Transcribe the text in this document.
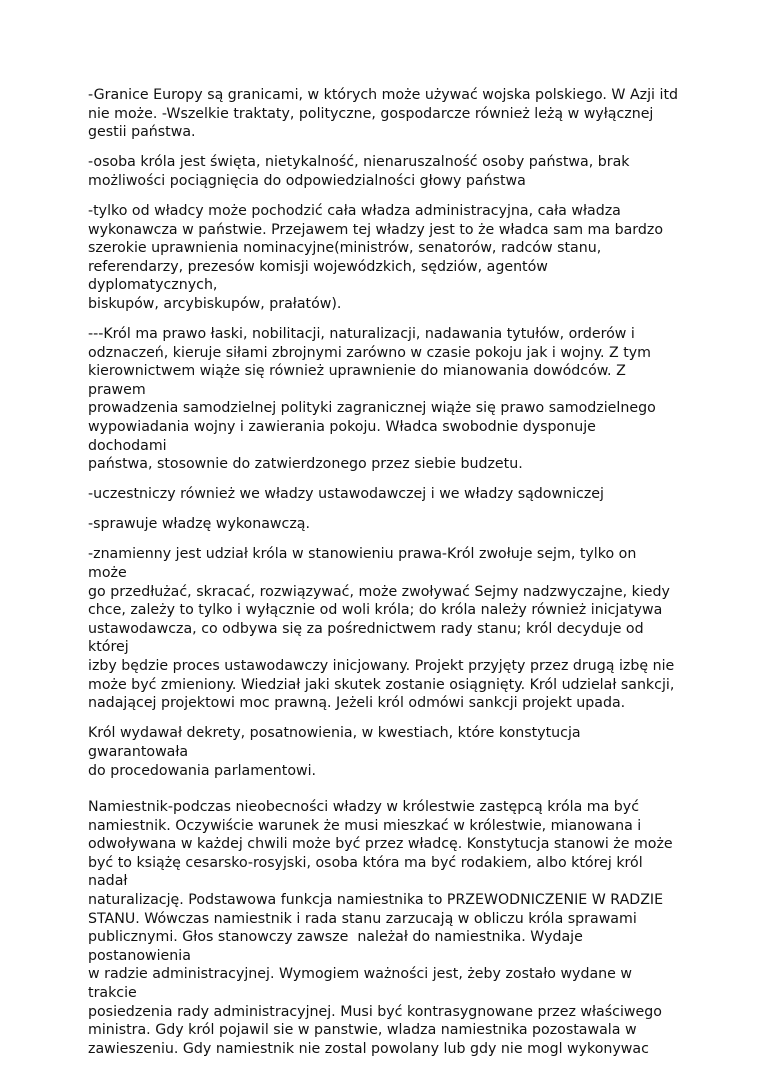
-Granice Europy są granicami, w których może używać wojska polskiego. W Azji itd
nie może. -Wszelkie traktaty, polityczne, gospodarcze również leżą w wyłącznej
gestii państwa.

-osoba króla jest święta, nietykalność, nienaruszalność osoby państwa, brak
możliwości pociągnięcia do odpowiedzialności głowy państwa

-tylko od władcy może pochodzić cała władza administracyjna, cała władza
wykonawcza w państwie. Przejawem tej władzy jest to że władca sam ma bardzo
szerokie uprawnienia nominacyjne(ministrów, senatorów, radców stanu,
referendarzy, prezesów komisji wojewódzkich, sędziów, agentów dyplomatycznych,
biskupów, arcybiskupów, prałatów).

---Król ma prawo łaski, nobilitacji, naturalizacji, nadawania tytułów, orderów i
odznaczeń, kieruje siłami zbrojnymi zarówno w czasie pokoju jak i wojny. Z tym
kierownictwem wiąże się również uprawnienie do mianowania dowódców. Z prawem
prowadzenia samodzielnej polityki zagranicznej wiąże się prawo samodzielnego
wypowiadania wojny i zawierania pokoju. Władca swobodnie dysponuje dochodami
państwa, stosownie do zatwierdzonego przez siebie budzetu.

-uczestniczy również we władzy ustawodawczej i we władzy sądowniczej

-sprawuje władzę wykonawczą.

-znamienny jest udział króla w stanowieniu prawa-Król zwołuje sejm, tylko on może
go przedłużać, skracać, rozwiązywać, może zwoływać Sejmy nadzwyczajne, kiedy
chce, zależy to tylko i wyłącznie od woli króla; do króla należy również inicjatywa
ustawodawcza, co odbywa się za pośrednictwem rady stanu; król decyduje od której
izby będzie proces ustawodawczy inicjowany. Projekt przyjęty przez drugą izbę nie
może być zmieniony. Wiedział jaki skutek zostanie osiągnięty. Król udzielał sankcji,
nadającej projektowi moc prawną. Jeżeli król odmówi sankcji projekt upada.

Król wydawał dekrety, posatnowienia, w kwestiach, które konstytucja gwarantowała
do procedowania parlamentowi.

Namiestnik-podczas nieobecności władzy w królestwie zastępcą króla ma być
namiestnik. Oczywiście warunek że musi mieszkać w królestwie, mianowana i
odwoływana w każdej chwili może być przez władcę. Konstytucja stanowi że może
być to książę cesarsko-rosyjski, osoba która ma być rodakiem, albo której król nadał
naturalizację. Podstawowa funkcja namiestnika to PRZEWODNICZENIE W RADZIE
STANU. Wówczas namiestnik i rada stanu zarzucają w obliczu króla sprawami
publicznymi. Głos stanowczy zawsze  należał do namiestnika. Wydaje postanowienia
w radzie administracyjnej. Wymogiem ważności jest, żeby zostało wydane w trakcie
posiedzenia rady administracyjnej. Musi być kontrasygnowane przez właściwego
ministra. Gdy król pojawil sie w panstwie, wladza namiestnika pozostawala w
zawieszeniu. Gdy namiestnik nie zostal powolany lub gdy nie mogl wykonywac
